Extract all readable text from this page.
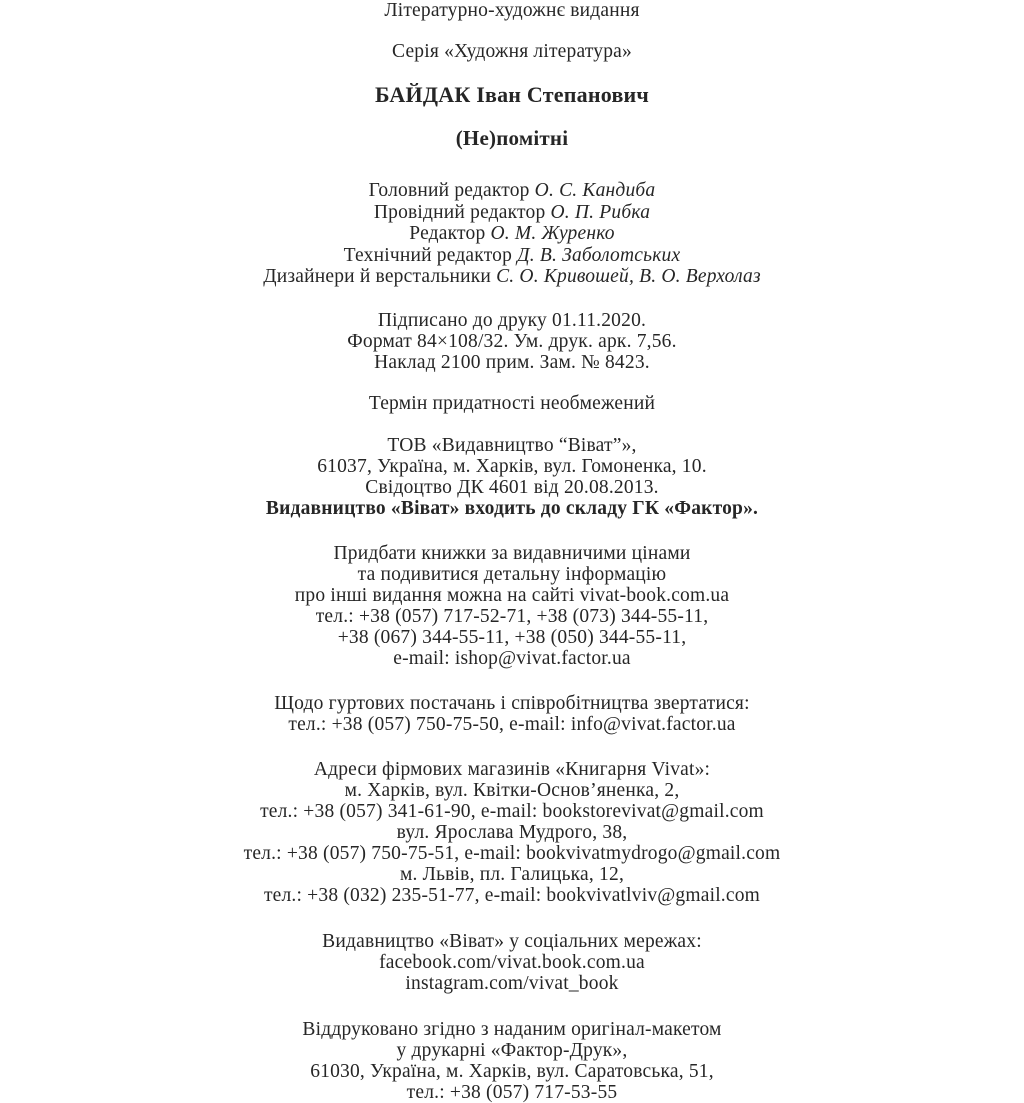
Літературно-художнє видання
Серія «Художня література»
БАЙДАК Іван Степанович
(Не)помітні
Головний редактор О. С. Кандиба
Провідний редактор О. П. Рибка
Редактор О. М. Журенко
Технічний редактор Д. В. Заболотських
Дизайнери й верстальники С. О. Кривошей, В. О. Верхолаз
Підписано до друку 01.11.2020.
Формат 84×108/32. Ум. друк. арк. 7,56.
Наклад 2100 прим. Зам. № 8423.
Термін придатності необмежений
ТОВ «Видавництво “Віват”»,
61037, Україна, м. Харків, вул. Гомоненка, 10.
Свідоцтво ДК 4601 від 20.08.2013.
Видавництво «Віват» входить до складу ГК «Фактор».
Придбати книжки за видавничими цінами
та подивитися детальну інформацію
про інші видання можна на сайті vivat-book.com.ua
тел.: +38 (057) 717-52-71, +38 (073) 344-55-11,
+38 (067) 344-55-11, +38 (050) 344-55-11,
e-mail: ishop@vivat.factor.ua
Щодо гуртових постачань і співробітництва звертатися:
тел.: +38 (057) 750-75-50, e-mail: info@vivat.factor.ua
Адреси фірмових магазинів «Книгарня Vivat»:
м. Харків, вул. Квітки-Основ’яненка, 2,
тел.: +38 (057) 341-61-90, e-mail: bookstorevivat@gmail.com
вул. Ярослава Мудрого, 38,
тел.: +38 (057) 750-75-51, e-mail: bookvivatmydrogo@gmail.com
м. Львів, пл. Галицька, 12,
тел.: +38 (032) 235-51-77, e-mail: bookvivatlviv@gmail.com
Видавництво «Віват» у соціальних мережах:
facebook.com/vivat.book.com.ua
instagram.com/vivat_book
Віддруковано згідно з наданим оригінал-макетом
у друкарні «Фактор-Друк»,
61030, Україна, м. Харків, вул. Саратовська, 51,
тел.: +38 (057) 717-53-55
